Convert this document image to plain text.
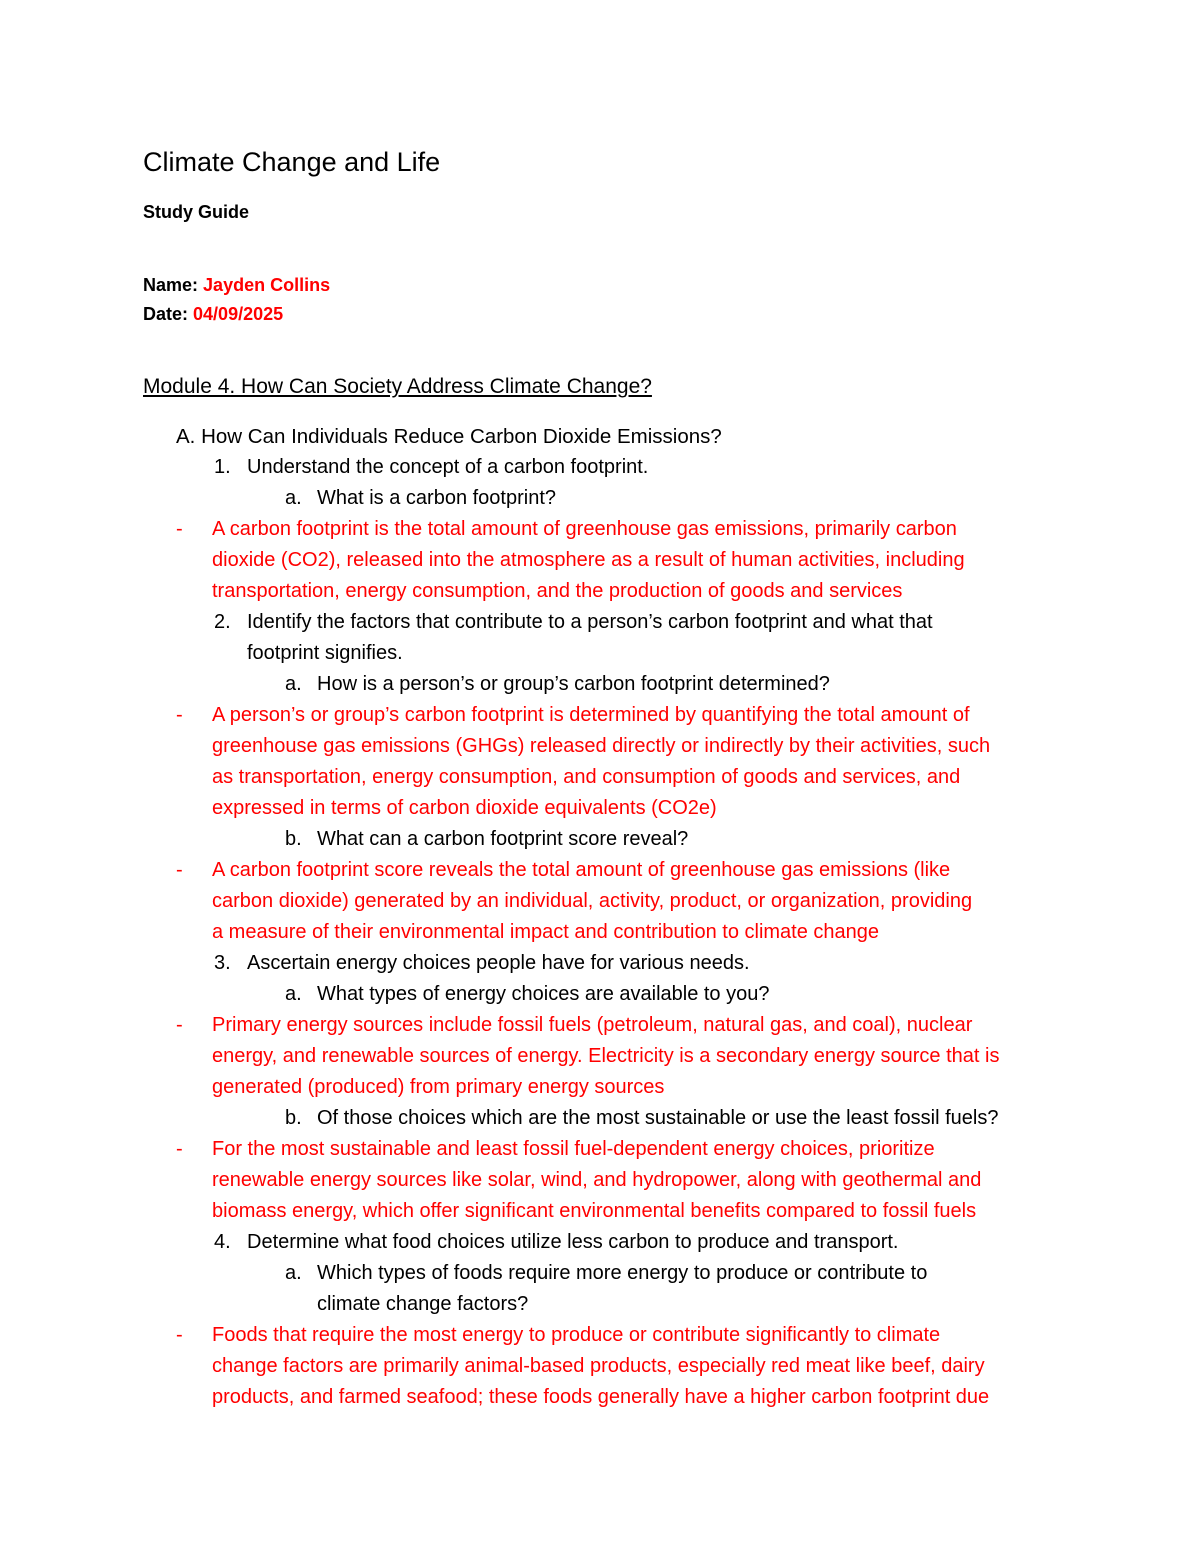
Climate Change and Life
Study Guide
Name: Jayden Collins
Date: 04/09/2025
Module 4. How Can Society Address Climate Change?
A. How Can Individuals Reduce Carbon Dioxide Emissions?
1. Understand the concept of a carbon footprint.
a. What is a carbon footprint?
- A carbon footprint is the total amount of greenhouse gas emissions, primarily carbon
dioxide (CO2), released into the atmosphere as a result of human activities, including
transportation, energy consumption, and the production of goods and services
2. Identify the factors that contribute to a person’s carbon footprint and what that
footprint signifies.
a. How is a person’s or group’s carbon footprint determined?
- A person’s or group’s carbon footprint is determined by quantifying the total amount of
greenhouse gas emissions (GHGs) released directly or indirectly by their activities, such
as transportation, energy consumption, and consumption of goods and services, and
expressed in terms of carbon dioxide equivalents (CO2e)
b. What can a carbon footprint score reveal?
- A carbon footprint score reveals the total amount of greenhouse gas emissions (like
carbon dioxide) generated by an individual, activity, product, or organization, providing
a measure of their environmental impact and contribution to climate change
3. Ascertain energy choices people have for various needs.
a. What types of energy choices are available to you?
- Primary energy sources include fossil fuels (petroleum, natural gas, and coal), nuclear
energy, and renewable sources of energy. Electricity is a secondary energy source that is
generated (produced) from primary energy sources
b. Of those choices which are the most sustainable or use the least fossil fuels?
- For the most sustainable and least fossil fuel-dependent energy choices, prioritize
renewable energy sources like solar, wind, and hydropower, along with geothermal and
biomass energy, which offer significant environmental benefits compared to fossil fuels
4. Determine what food choices utilize less carbon to produce and transport.
a. Which types of foods require more energy to produce or contribute to
climate change factors?
- Foods that require the most energy to produce or contribute significantly to climate
change factors are primarily animal-based products, especially red meat like beef, dairy
products, and farmed seafood; these foods generally have a higher carbon footprint due
